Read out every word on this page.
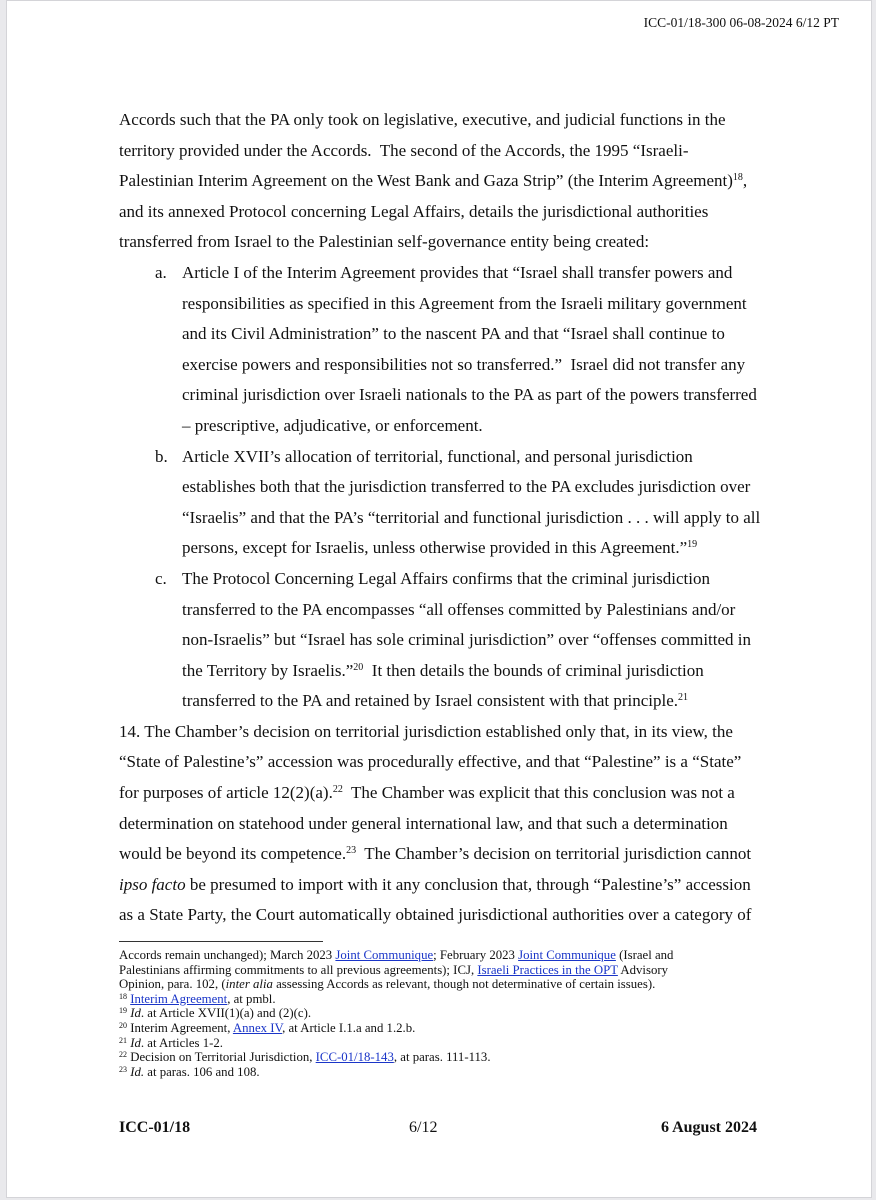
ICC-01/18-300 06-08-2024 6/12 PT
Accords such that the PA only took on legislative, executive, and judicial functions in the
territory provided under the Accords.  The second of the Accords, the 1995 “Israeli-
Palestinian Interim Agreement on the West Bank and Gaza Strip” (the Interim Agreement)$^{18}$,
and its annexed Protocol concerning Legal Affairs, details the jurisdictional authorities
transferred from Israel to the Palestinian self-governance entity being created:
a. Article I of the Interim Agreement provides that “Israel shall transfer powers and
responsibilities as specified in this Agreement from the Israeli military government
and its Civil Administration” to the nascent PA and that “Israel shall continue to
exercise powers and responsibilities not so transferred.”  Israel did not transfer any
criminal jurisdiction over Israeli nationals to the PA as part of the powers transferred
– prescriptive, adjudicative, or enforcement.
b. Article XVII’s allocation of territorial, functional, and personal jurisdiction
establishes both that the jurisdiction transferred to the PA excludes jurisdiction over
“Israelis” and that the PA’s “territorial and functional jurisdiction . . . will apply to all
persons, except for Israelis, unless otherwise provided in this Agreement.”$^{19}$
c. The Protocol Concerning Legal Affairs confirms that the criminal jurisdiction
transferred to the PA encompasses “all offenses committed by Palestinians and/or
non-Israelis” but “Israel has sole criminal jurisdiction” over “offenses committed in
the Territory by Israelis.”$^{20}$  It then details the bounds of criminal jurisdiction
transferred to the PA and retained by Israel consistent with that principle.$^{21}$
14. The Chamber’s decision on territorial jurisdiction established only that, in its view, the
“State of Palestine’s” accession was procedurally effective, and that “Palestine” is a “State”
for purposes of article 12(2)(a).$^{22}$  The Chamber was explicit that this conclusion was not a
determination on statehood under general international law, and that such a determination
would be beyond its competence.$^{23}$  The Chamber’s decision on territorial jurisdiction cannot
ipso facto be presumed to import with it any conclusion that, through “Palestine’s” accession
as a State Party, the Court automatically obtained jurisdictional authorities over a category of
Accords remain unchanged); March 2023 Joint Communique; February 2023 Joint Communique (Israel and
Palestinians affirming commitments to all previous agreements); ICJ, Israeli Practices in the OPT Advisory
Opinion, para. 102, (inter alia assessing Accords as relevant, though not determinative of certain issues).
$^{18}$ Interim Agreement, at pmbl.
$^{19}$ Id. at Article XVII(1)(a) and (2)(c).
$^{20}$ Interim Agreement, Annex IV, at Article I.1.a and 1.2.b.
$^{21}$ Id. at Articles 1-2.
$^{22}$ Decision on Territorial Jurisdiction, ICC-01/18-143, at paras. 111-113.
$^{23}$ Id. at paras. 106 and 108.
ICC-01/18	6/12	6 August 2024
